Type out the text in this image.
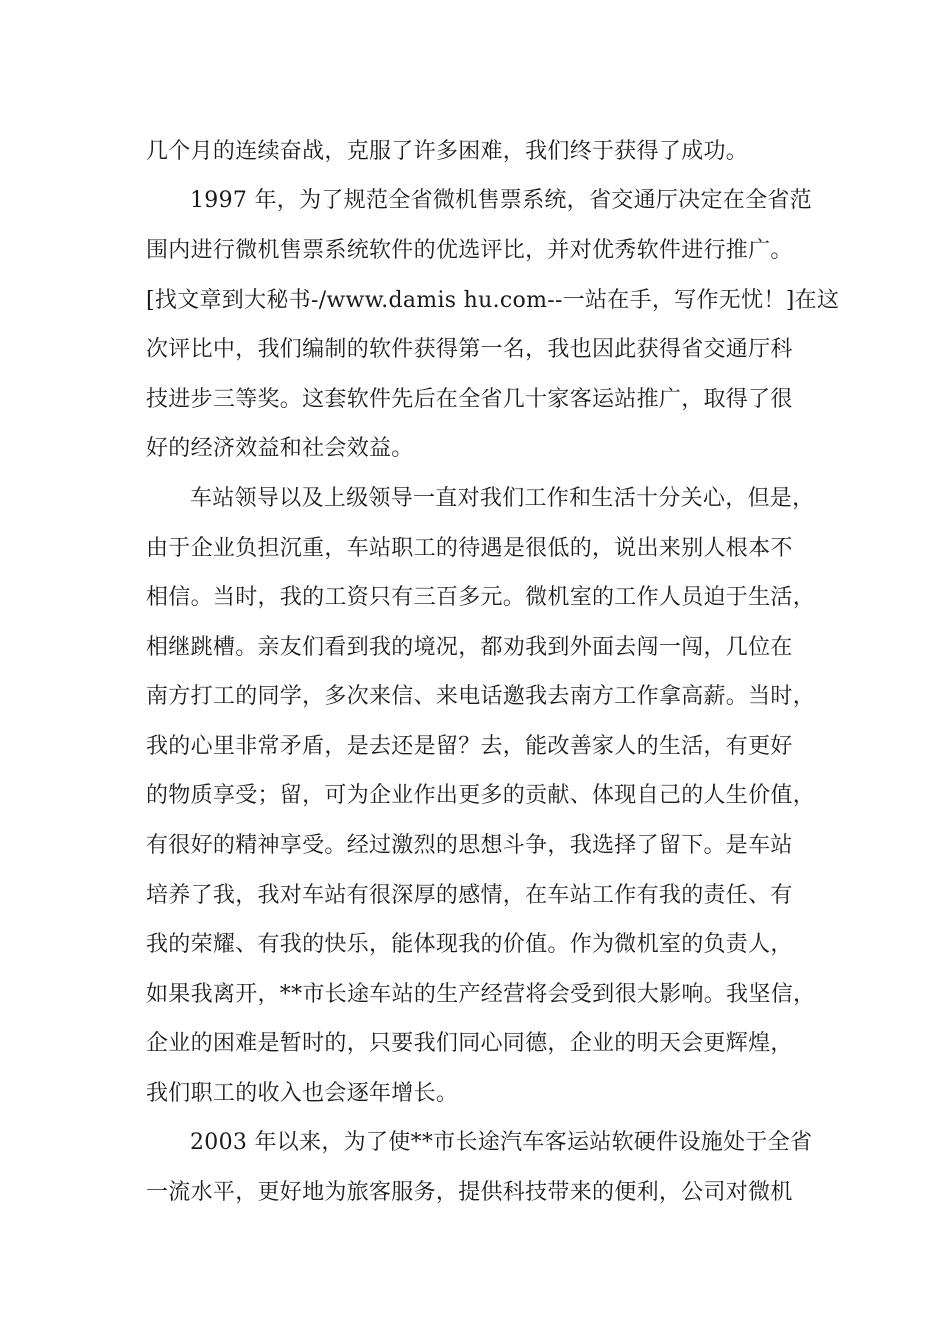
几个月的连续奋战，克服了许多困难，我们终于获得了成功。
1997 年，为了规范全省微机售票系统，省交通厅决定在全省范
围内进行微机售票系统软件的优选评比，并对优秀软件进行推广。
[找文章到大秘书-/www.damis hu.com--一站在手，写作无忧！]在这
次评比中，我们编制的软件获得第一名，我也因此获得省交通厅科
技进步三等奖。这套软件先后在全省几十家客运站推广，取得了很
好的经济效益和社会效益。
车站领导以及上级领导一直对我们工作和生活十分关心，但是，
由于企业负担沉重，车站职工的待遇是很低的，说出来别人根本不
相信。当时，我的工资只有三百多元。微机室的工作人员迫于生活，
相继跳槽。亲友们看到我的境况，都劝我到外面去闯一闯，几位在
南方打工的同学，多次来信、来电话邀我去南方工作拿高薪。当时，
我的心里非常矛盾，是去还是留？去，能改善家人的生活，有更好
的物质享受；留，可为企业作出更多的贡献、体现自己的人生价值，
有很好的精神享受。经过激烈的思想斗争，我选择了留下。是车站
培养了我，我对车站有很深厚的感情，在车站工作有我的责任、有
我的荣耀、有我的快乐，能体现我的价值。作为微机室的负责人，
如果我离开，**市长途车站的生产经营将会受到很大影响。我坚信，
企业的困难是暂时的，只要我们同心同德，企业的明天会更辉煌，
我们职工的收入也会逐年增长。
2003 年以来，为了使**市长途汽车客运站软硬件设施处于全省
一流水平，更好地为旅客服务，提供科技带来的便利，公司对微机
